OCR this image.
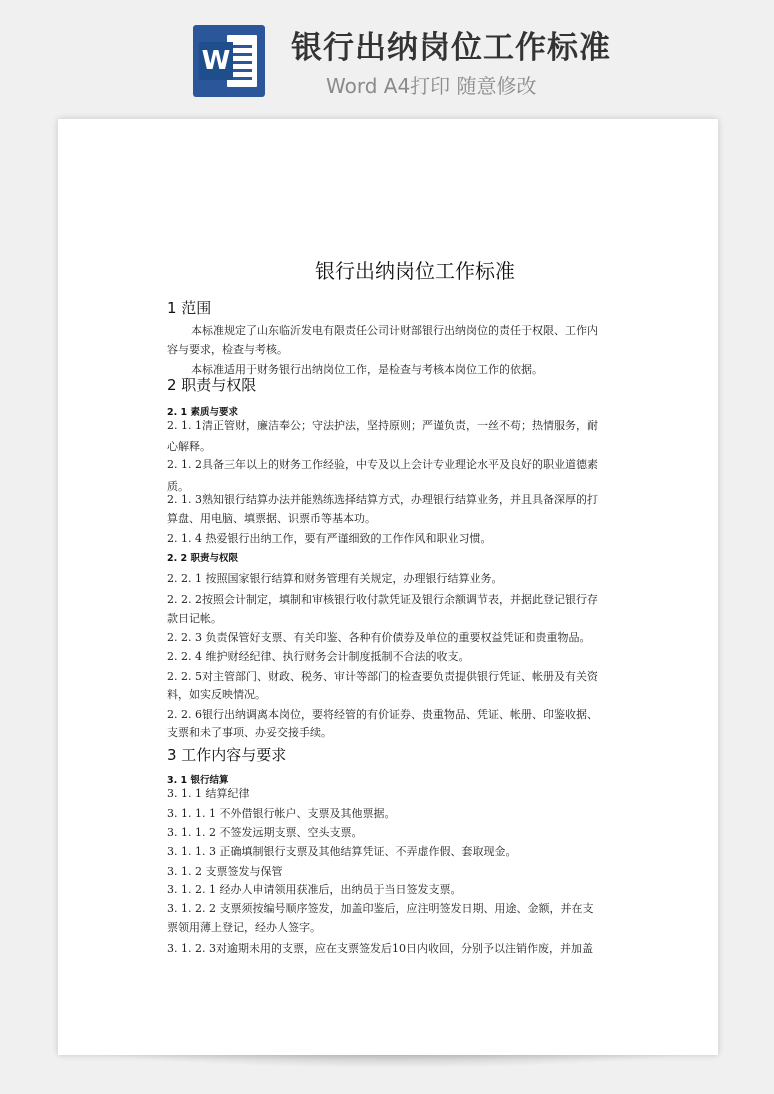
W 银行出纳岗位工作标准
Word A4打印 随意修改
银行出纳岗位工作标准
1 范围
本标准规定了山东临沂发电有限责任公司计财部银行出纳岗位的责任于权限、工作内
容与要求，检查与考核。
本标准适用于财务银行出纳岗位工作，是检查与考核本岗位工作的依据。
2 职责与权限
2. 1 素质与要求
2. 1. 1清正管财，廉洁奉公；守法护法，坚持原则；严谨负责，一丝不苟；热情服务，耐
心解释。
2. 1. 2具备三年以上的财务工作经验，中专及以上会计专业理论水平及良好的职业道德素
质。
2. 1. 3熟知银行结算办法并能熟练选择结算方式，办理银行结算业务，并且具备深厚的打
算盘、用电脑、填票据、识票币等基本功。
2. 1. 4 热爱银行出纳工作，要有严谨细致的工作作风和职业习惯。
2. 2 职责与权限
2. 2. 1 按照国家银行结算和财务管理有关规定，办理银行结算业务。
2. 2. 2按照会计制定，填制和审核银行收付款凭证及银行余额调节表，并据此登记银行存
款日记帐。
2. 2. 3 负责保管好支票、有关印鉴、各种有价债券及单位的重要权益凭证和贵重物品。
2. 2. 4 维护财经纪律、执行财务会计制度抵制不合法的收支。
2. 2. 5对主管部门、财政、税务、审计等部门的检查要负责提供银行凭证、帐册及有关资
料，如实反映情况。
2. 2. 6银行出纳调离本岗位，要将经管的有价证券、贵重物品、凭证、帐册、印鉴收据、
支票和未了事项、办妥交接手续。
3 工作内容与要求
3. 1 银行结算
3. 1. 1 结算纪律
3. 1. 1. 1 不外借银行帐户、支票及其他票据。
3. 1. 1. 2 不签发远期支票、空头支票。
3. 1. 1. 3 正确填制银行支票及其他结算凭证、不弄虚作假、套取现金。
3. 1. 2 支票签发与保管
3. 1. 2. 1 经办人申请领用获准后，出纳员于当日签发支票。
3. 1. 2. 2 支票须按编号顺序签发，加盖印鉴后，应注明签发日期、用途、金额，并在支
票领用薄上登记，经办人签字。
3. 1. 2. 3对逾期未用的支票，应在支票签发后10日内收回，分别予以注销作废，并加盖
